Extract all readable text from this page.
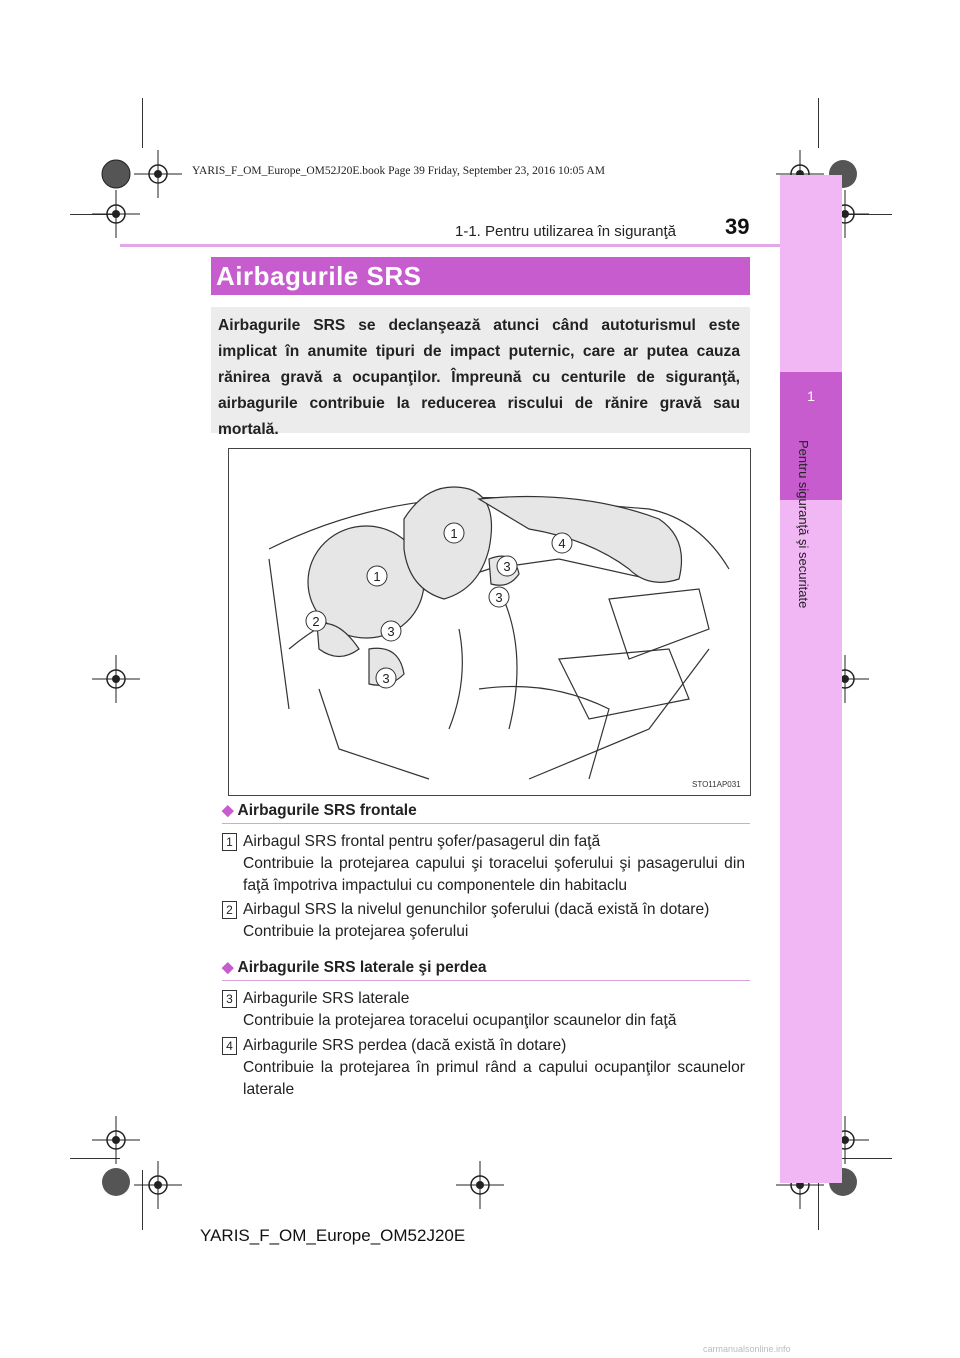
YARIS_F_OM_Europe_OM52J20E.book Page 39 Friday, September 23, 2016 10:05 AM
1-1. Pentru utilizarea în siguranţă 39
1
Pentru siguranţă şi securitate
Airbagurile SRS
Airbagurile SRS se declanşează atunci când autoturismul este implicat în anumite tipuri de impact puternic, care ar putea cauza rănirea gravă a ocupanţilor. Împreună cu centurile de siguranţă, airbagurile contribuie la reducerea riscului de rănire gravă sau mortală.
1
1
2
3
3
3
3
4
STO11AP031
◆ Airbagurile SRS frontale
1 Airbagul SRS frontal pentru şofer/pasagerul din faţă
Contribuie la protejarea capului şi toracelui şoferului şi pasagerului din faţă împotriva impactului cu componentele din habitaclu
2 Airbagul SRS la nivelul genunchilor şoferului (dacă există în dotare)
Contribuie la protejarea şoferului
◆ Airbagurile SRS laterale şi perdea
3 Airbagurile SRS laterale
Contribuie la protejarea toracelui ocupanţilor scaunelor din faţă
4 Airbagurile SRS perdea (dacă există în dotare)
Contribuie la protejarea în primul rând a capului ocupanţilor scaunelor laterale
YARIS_F_OM_Europe_OM52J20E
carmanualsonline.info
